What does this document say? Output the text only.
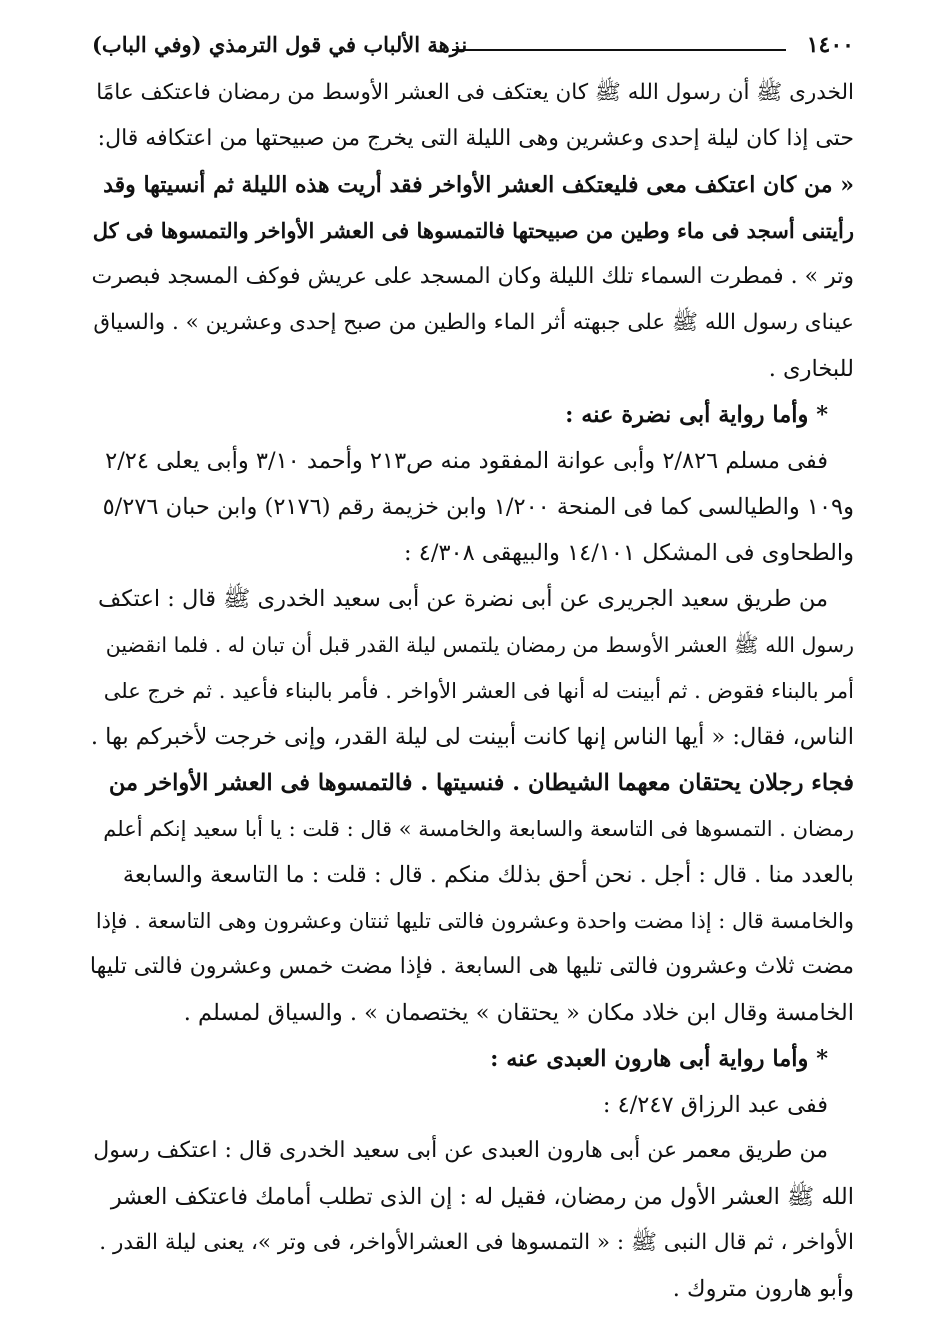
١٤٠٠
نزهة الألباب في قول الترمذي (وفي الباب)
الخدرى ﷺ أن رسول الله ﷺ كان يعتكف فى العشر الأوسط من رمضان فاعتكف عامًا
حتى إذا كان ليلة إحدى وعشرين وهى الليلة التى يخرج من صبيحتها من اعتكافه قال:
« من كان اعتكف معى فليعتكف العشر الأواخر فقد أريت هذه الليلة ثم أنسيتها وقد
رأيتنى أسجد فى ماء وطين من صبيحتها فالتمسوها فى العشر الأواخر والتمسوها فى كل
وتر » . فمطرت السماء تلك الليلة وكان المسجد على عريش فوكف المسجد فبصرت
عيناى رسول الله ﷺ على جبهته أثر الماء والطين من صبح إحدى وعشرين » . والسياق
للبخارى .
* وأما رواية أبى نضرة عنه :
ففى مسلم ٢/٨٢٦ وأبى عوانة المفقود منه ص٢١٣ وأحمد ٣/١٠ وأبى يعلى ٢/٢٤
و١٠٩ والطيالسى كما فى المنحة ١/٢٠٠ وابن خزيمة رقم (٢١٧٦) وابن حبان ٥/٢٧٦
والطحاوى فى المشكل ١٤/١٠١ والبيهقى ٤/٣٠٨ :
من طريق سعيد الجريرى عن أبى نضرة عن أبى سعيد الخدرى ﷺ قال : اعتكف
رسول الله ﷺ العشر الأوسط من رمضان يلتمس ليلة القدر قبل أن تبان له . فلما انقضين
أمر بالبناء فقوض . ثم أبينت له أنها فى العشر الأواخر . فأمر بالبناء فأعيد . ثم خرج على
الناس، فقال: « أيها الناس إنها كانت أبينت لى ليلة القدر، وإنى خرجت لأخبركم بها .
فجاء رجلان يحتقان معهما الشيطان . فنسيتها . فالتمسوها فى العشر الأواخر من
رمضان . التمسوها فى التاسعة والسابعة والخامسة » قال : قلت : يا أبا سعيد إنكم أعلم
بالعدد منا . قال : أجل . نحن أحق بذلك منكم . قال : قلت : ما التاسعة والسابعة
والخامسة قال : إذا مضت واحدة وعشرون فالتى تليها ثنتان وعشرون وهى التاسعة . فإذا
مضت ثلاث وعشرون فالتى تليها هى السابعة . فإذا مضت خمس وعشرون فالتى تليها
الخامسة وقال ابن خلاد مكان « يحتقان » يختصمان » . والسياق لمسلم .
* وأما رواية أبى هارون العبدى عنه :
ففى عبد الرزاق ٤/٢٤٧ :
من طريق معمر عن أبى هارون العبدى عن أبى سعيد الخدرى قال : اعتكف رسول
الله ﷺ العشر الأول من رمضان، فقيل له : إن الذى تطلب أمامك فاعتكف العشر
الأواخر ، ثم قال النبى ﷺ : « التمسوها فى العشرالأواخر، فى وتر »، يعنى ليلة القدر .
وأبو هارون متروك .
